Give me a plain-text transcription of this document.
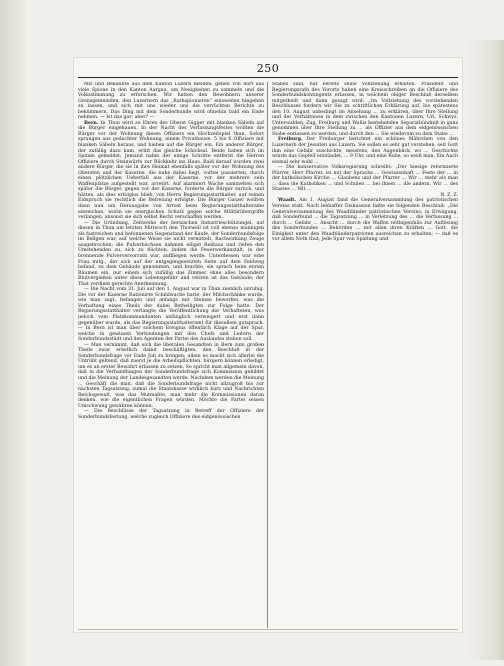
250

Mir und Bekannte aus dem Kanton Luzern melden, gehen von dort aus viele Spione in den Kanton Aargau, um Neuigkeiten zu sammeln und die Volksstimmung zu erforschen. Wir hatten den Bewohnern unserer Grenzgemeinden, den Luzernern das „Rathspionieren“ einsweilen hingehen zu lassen, und sich mit uns wieder uns die verrückten Berichte zu bekümmern. Das Ding mit dem Sonderbunde wird ohnehin bald ein Ende nehmen. — Ist das gar; aber? —

Bern. In Thun wird zu Ehren des Oberst Gigger mit blanken Säbeln auf die Bürger eingehauen. In der Nacht des Verfassungsfestes wollten die Bürger vor der Wohnung dieses Offiziers ein Hochzeitspiel thun. Sofort sprangen aus gedachter Wohnung, einem Privathause, 5 bis 6 Offiziere mit blanken Säbeln heraus, und hieben auf die Bürger ein. Ein anderer Bürger, der zufällig dazu kam, erlitt das gleiche Schicksal. Beide haben sich im Spitale gemeldet; Jemand nahm der einige Schritte entfernt die Herren Offiziere durch Steinwürfe zur Rückkehr ins Haus. Bald darauf wurden zwei andere Bürger, die sie in ihre Heimat ebenfalls später vor der Wohnung des Obersten und der Kaserne, die nahe dabei liegt, vorbei passierten, durch einen plötzlichen Ueberfall aus der Kaserne, vor der mehrere sein Waffenplätze aufgestellt war, arretirt. Auf alarmiert Wache sammelten sich später die Bürger, gegen vor der Kaserne, forderte die Bürger zurück, und hätten, als dies erfolglos blieb, von Herrn Regierungsstatthalter, auf seinen Eidspruch sie rechtlich die Befreiung erfolgte. Die Bürger Gaszel wollten dann nun um Herausgabe von Arrest beim Regierungsstatthalterame einreichen, worin sie energischen Schutz gegen solche Militärübergriffe verlangen, ansonst sie sich selbst Recht verschaffen werden.

— Die Gründung, Zeitweihe der bernischen Industrieschützungel, auf diesen in Thun am letzten Mittwoch den Thorweil ist voll ebenso mannigen als fastreichen und befonnenen Gegenstand der Kaufe, der Sonderbundsfolge im Bellgen war, auf welche Weise sie nicht vermittelt, Rachwirkung Zeuge ausgebrochen; die Pulverbüchsen nahmen eiligst Reißaus und riefen den Umstehenden zu, sich zu flüchten, indem die Feuerwerkanstalt, in der brennende Pulververvorrath war, auffliegen werde. Unterdessen war eine Frau mitg., der sich auf der entgegengesetzten Seite auf dem Feldweg befand, zu dem Gebäude genommen, und brachte, sie sprach beim ersten Räumen ein, nur einem sich zufällig das Zimmer ohne alles besondern Blutvergießen unter diese Lebensgefahr und retiren ist das Gebäude; der That verdient gerechte Anerkennung.

— Die Nacht vom 31. Juli auf den 1. August war in Thun ziemlich unruhig. Die vor der Kaserne Rationirte Schildwache hatte, der Milchschänke wurde, wie man sagt, befangen und anfangs mit Steinen beworfen, was die Verhaftung eines Theils der dabei Betheiligten zur Folge hatte. Der Regierungsstatthalter verlangte die Veröffentlichung der Verhafteten, was jedoch vom Platzkommandanten anfänglich verweigert und erst dann gegenüber wurde, als das Regierungsstatthalteramt für dieselben gutsprach. — In Bern ist man über solchem Ereignis öffentlich Klage auf der Spur, welche in gewissen Verbindungen mit den Chefs und Leitern der Sonderbundsstädt und den Agenten der Partei des Auslandes stehen soll.

— Man vernimmt, daß sich die liberalen Gesandten in Bern zum großen Theile zwar ernstlich damit beschäftigten, den Beschluß in der Sonderbundsfrage vor Ende Juli zu bringen; allein es macht sich allerlei die Untrübt geltend, daß zuerst je die Arbeitspflichten, bürgern können erledigt, um es an erster Bewahrt erlassen zu setzen. So spricht man allgemein davon, daß in die Verhandlungen der Sonderbundsfrage sich Kommission gebildet und die Meinung der Landesgesandten werde. Nachdem werden die Meinung ... Geschäft die man, daß die Sonderbundsfrage nicht allzugroß bis zur nächsten Tagsatzung, zumal die Staatskasse wirklich kurz und Nachrichten Reichsgewalt, was das Mutmaßte, man mehr die Kommissionen daran denken, wie die eigentlichen Fragen würden. Möchte die Partei seinen Umschwung gewähren können.

— Die Beschlüsse der Tagsatzung in Betreff der Offiziere der Sonderbundsfestung, welche zugleich Offiziere des eidgenössischen

Stabes sind, hat bereits seine Vollziehung erhalten. Präsident und Regierungsrath des Vororts haben eine Kreisschreiben an die Offiziere des Sonderbundskontingents erlassen, in welchem obiger Beschluß derselben mitgetheilt und dann gesagt wird: „Im Vollziehung des vorstehenden Beschlusses fordern wir Sie zu schriftlichen Erklärung auf, bis spätestens den 10. August unbedingt im Ansehung ... zu erklären, über Ihre Stellung und der Verhältnisse in dem zwischen den Kantonen Luzern, Uri, Schwyz, Unterwalden, Zug, Freiburg und Wallis bestehenden Separatbündniß in ganz genommen über Ihre Stellung zu ... als Offizier aus dem eidgenössischen Stabe entlassen zu werden, und durch den ... Sie wiederum zu dem Stabe ...

Freiburg. Der Freiburger berichtet ein schönes Mährchen von den Luzernern der Jesuiten aus Luzern. Sie sollen es sehr gut verstehen, seit Gott ihm eine Gefahr zuschickte, meistens, den Augenblick, wo ... Geschichte würde das Gepfeif entzündet, ... 9 Uhr, und eine Ruhe, so weiß man. Ein Auch einmal sehr wohl ...

— Die konservative Volksregierung schreibt: „Der hiesige reformierte Pfarrer, Herr Pfarrer, ist mit der Sprache ... Gewissenhaft ... Feste der ... in der katholischen Kirche ... Glaubens und der Pfarrer ... Wir ... mehr als man ... dass die Katholiken ... und Schulen ... bei ihnen ... die andern. Wir ... des Staates ... Mit ...

N. Z. Z.

Waadt. Am 1. August fand die Generalversammlung des patriotischen Vereins statt. Nach lebhafter Diskussion faßte sie folgenden Beschluß: „Die Generalversammlung des Waadtländer patriotischen Vereins, in Erwägung, daß Sonderbund ... die Tagsatzung ... in Verletzung des ... die Verfassung ... durch ... Gefahr ... Ansicht ... durch die Waffen nöthigenfalls zur Auflösung des Sonderbundes ... Behörden ... mit allen ihren Kräften ... Gott, die Einigkeit unter den Waadtländerpatrioten ausreichen zu erhalten; — daß es vor allem Noth thut, jede Spur von Spaltung und
